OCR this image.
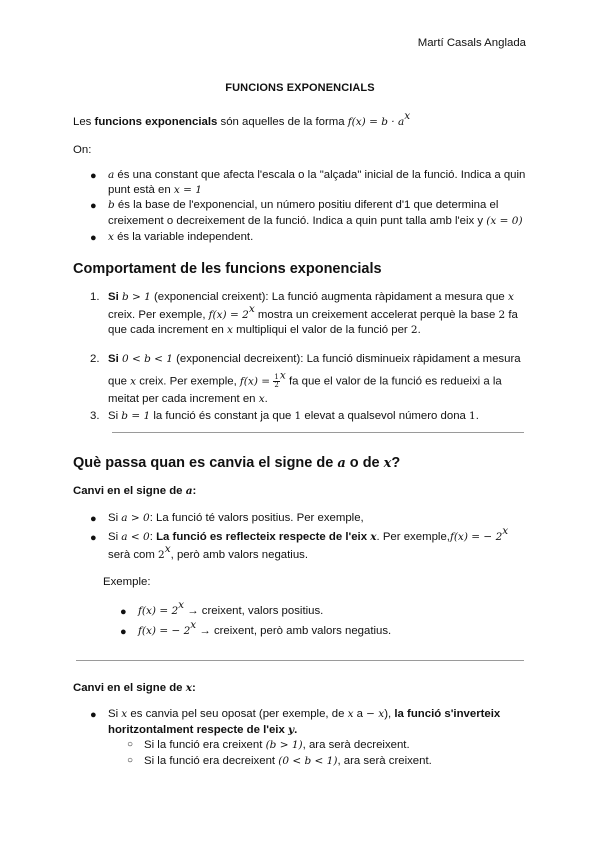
Martí Casals Anglada
FUNCIONS EXPONENCIALS
Les funcions exponencials són aquelles de la forma $f(x) = b \cdot a^x$
On:
● a és una constant que afecta l'escala o la "alçada" inicial de la funció. Indica a quin
punt està en x = 1
● b és la base de l'exponencial, un número positiu diferent d'1 que determina el
creixement o decreixement de la funció. Indica a quin punt talla amb l'eix y (x = 0)
● x és la variable independent.
Comportament de les funcions exponencials
1. Si b > 1 (exponencial creixent): La funció augmenta ràpidament a mesura que x
creix. Per exemple, $f(x) = 2^x$ mostra un creixement accelerat perquè la base 2 fa
que cada increment en x multipliqui el valor de la funció per 2.
2. Si 0 < b < 1 (exponencial decreixent): La funció disminueix ràpidament a mesura
que x creix. Per exemple, $f(x) = \frac{1}{2} ^x$ fa que el valor de la funció es redueixi a la
meitat per cada increment en x.
3. Si b = 1 la funció és constant ja que 1 elevat a qualsevol número dona 1.
Què passa quan es canvia el signe de a o de x?
Canvi en el signe de a:
● Si a > 0: La funció té valors positius. Per exemple,
● Si a < 0: La funció es reflecteix respecte de l'eix x. Per exemple,f(x) = − $2^x$
serà com 2$^x$, però amb valors negatius.
Exemple:
● $f(x) = 2^x$ → creixent, valors positius.
● f(x) = − $2^x$ → creixent, però amb valors negatius.
Canvi en el signe de x:
● Si x es canvia pel seu oposat (per exemple, de x a − x), la funció s'inverteix
horitzontalment respecte de l'eix y.
○ Si la funció era creixent (b > 1), ara serà decreixent.
○ Si la funció era decreixent (0 < b < 1), ara serà creixent.
